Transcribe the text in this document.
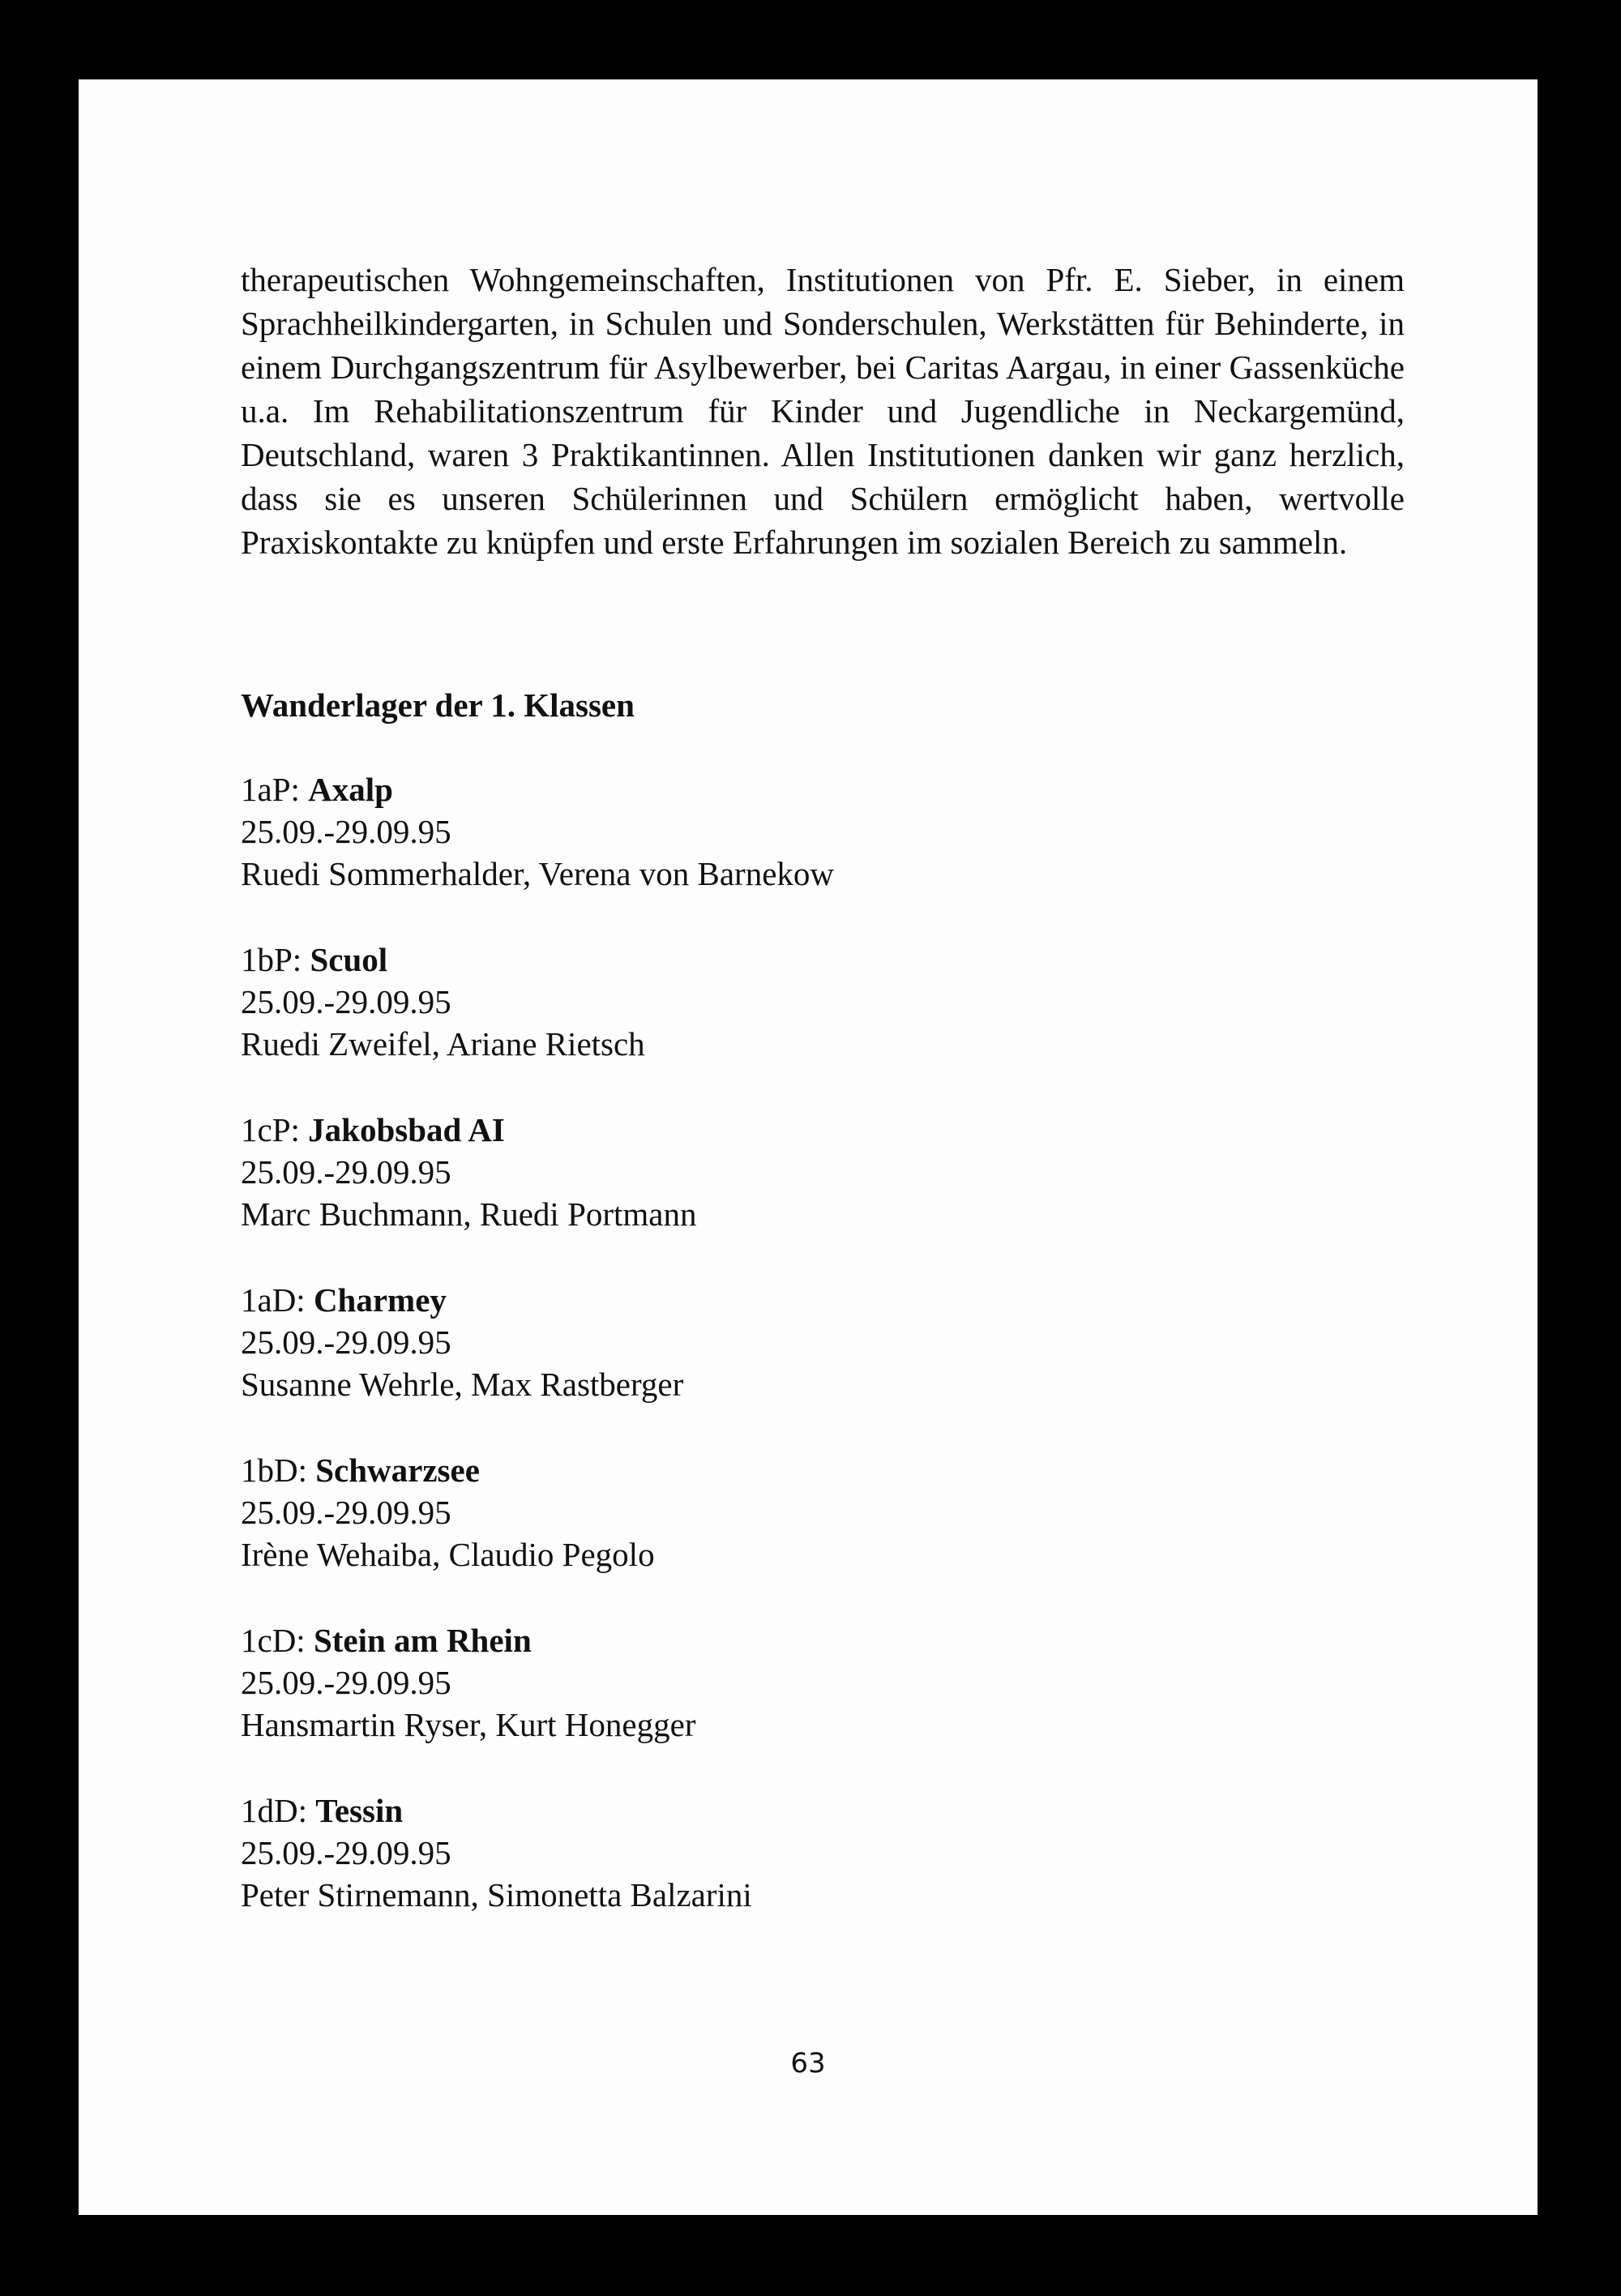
therapeutischen Wohngemeinschaften, Institutionen von Pfr. E. Sieber, in einem Sprachheilkindergarten, in Schulen und Sonderschulen, Werkstätten für Behinderte, in einem Durchgangszentrum für Asylbewerber, bei Caritas Aargau, in einer Gassenküche u.a. Im Rehabilitationszentrum für Kinder und Jugendliche in Neckargemünd, Deutschland, waren 3 Praktikantinnen. Allen Institutionen danken wir ganz herzlich, dass sie es unseren Schülerinnen und Schülern ermöglicht haben, wertvolle Praxiskontakte zu knüpfen und erste Erfahrungen im sozialen Bereich zu sammeln.

Wanderlager der 1. Klassen
1aP: Axalp
25.09.-29.09.95
Ruedi Sommerhalder, Verena von Barnekow
1bP: Scuol
25.09.-29.09.95
Ruedi Zweifel, Ariane Rietsch
1cP: Jakobsbad AI
25.09.-29.09.95
Marc Buchmann, Ruedi Portmann
1aD: Charmey
25.09.-29.09.95
Susanne Wehrle, Max Rastberger
1bD: Schwarzsee
25.09.-29.09.95
Irène Wehaiba, Claudio Pegolo
1cD: Stein am Rhein
25.09.-29.09.95
Hansmartin Ryser, Kurt Honegger
1dD: Tessin
25.09.-29.09.95
Peter Stirnemann, Simonetta Balzarini
63
